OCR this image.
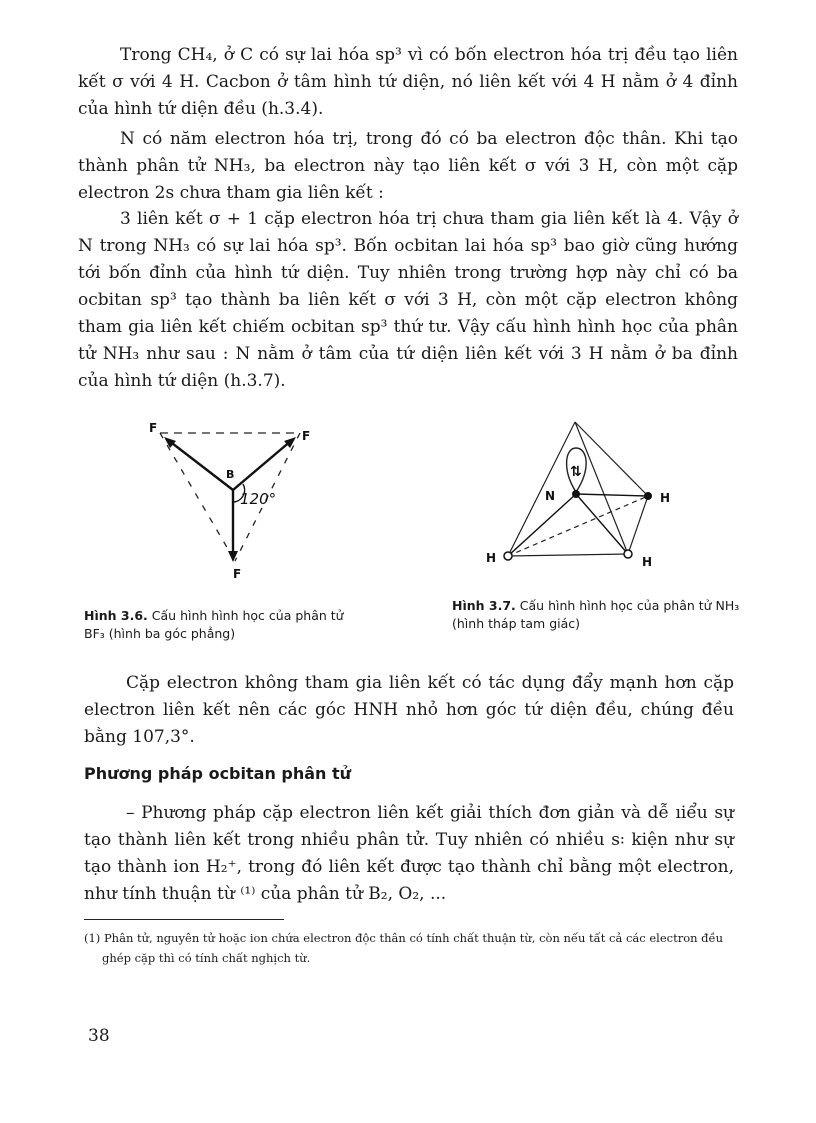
Trong CH₄, ở C có sự lai hóa sp³ vì có bốn electron hóa trị đều tạo liên kết σ với 4 H. Cacbon ở tâm hình tứ diện, nó liên kết với 4 H nằm ở 4 đỉnh của hình tứ diện đều (h.3.4).

N có năm electron hóa trị, trong đó có ba electron độc thân. Khi tạo thành phân tử NH₃, ba electron này tạo liên kết σ với 3 H, còn một cặp electron 2s chưa tham gia liên kết :

3 liên kết σ + 1 cặp electron hóa trị chưa tham gia liên kết là 4. Vậy ở N trong NH₃ có sự lai hóa sp³. Bốn ocbitan lai hóa sp³ bao giờ cũng hướng tới bốn đỉnh của hình tứ diện. Tuy nhiên trong trường hợp này chỉ có ba ocbitan sp³ tạo thành ba liên kết σ với 3 H, còn một cặp electron không tham gia liên kết chiếm ocbitan sp³ thứ tư. Vậy cấu hình hình học của phân tử NH₃ như sau : N nằm ở tâm của tứ diện liên kết với 3 H nằm ở ba đỉnh của hình tứ diện (h.3.7).

B
120°
F
F
F

Hình 3.6. Cấu hình hình học của phân tử BF₃ (hình ba góc phẳng)

⇅
N
H	H
H

Hình 3.7. Cấu hình hình học của phân tử NH₃ (hình tháp tam giác)

Cặp electron không tham gia liên kết có tác dụng đẩy mạnh hơn cặp electron liên kết nên các góc HNH nhỏ hơn góc tứ diện đều, chúng đều bằng 107,3°.

Phương pháp ocbitan phân tử

– Phương pháp cặp electron liên kết giải thích đơn giản và dễ ıiểu sự tạo thành liên kết trong nhiều phân tử. Tuy nhiên có nhiều s꞉ kiện như sự tạo thành ion H₂⁺, trong đó liên kết được tạo thành chỉ bằng một electron, như tính thuận từ ⁽¹⁾ của phân tử B₂, O₂, ...

(1) Phân tử, nguyên tử hoặc ion chứa electron độc thân có tính chất thuận từ, còn nếu tất cả các electron đều ghép cặp thì có tính chất nghịch từ.

38
